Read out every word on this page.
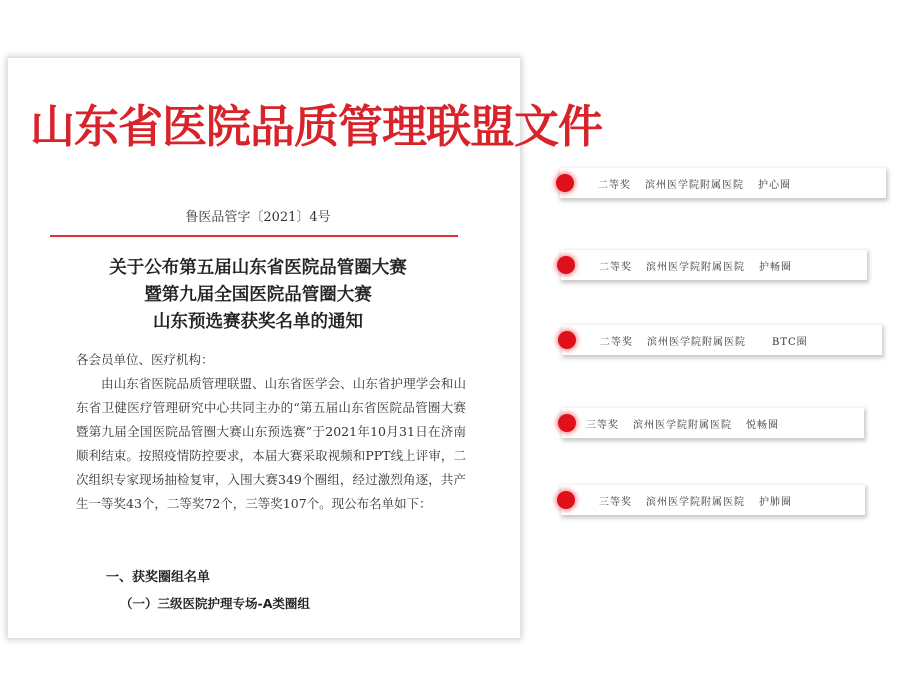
山东省医院品质管理联盟文件
鲁医品管字〔2021〕4号
关于公布第五届山东省医院品管圈大赛
暨第九届全国医院品管圈大赛
山东预选赛获奖名单的通知

各会员单位、医疗机构：

由山东省医院品质管理联盟、山东省医学会、山东省护理学会和山东省卫健医疗管理研究中心共同主办的“第五届山东省医院品管圈大赛暨第九届全国医院品管圈大赛山东预选赛”于2021年10月31日在济南顺利结束。按照疫情防控要求，本届大赛采取视频和PPT线上评审，二次组织专家现场抽检复审，入围大赛349个圈组，经过激烈角逐，共产生一等奖43个，二等奖72个，三等奖107个。现公布名单如下：

一、获奖圈组名单
（一）三级医院护理专场-A类圈组
二等奖 滨州医学院附属医院 护心圈
二等奖 滨州医学院附属医院 护畅圈
二等奖 滨州医学院附属医院	BTC圈
三等奖 滨州医学院附属医院 悦畅圈
三等奖 滨州医学院附属医院 护肺圈
